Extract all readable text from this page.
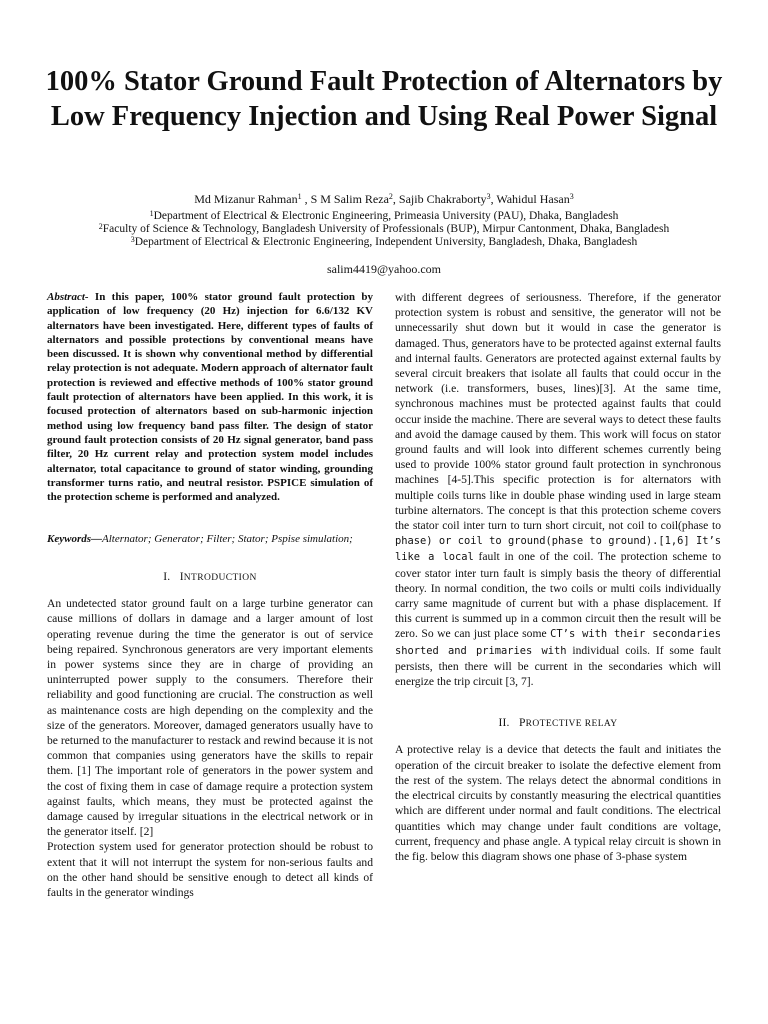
100% Stator Ground Fault Protection of Alternators by Low Frequency Injection and Using Real Power Signal
Md Mizanur Rahman$^1$ , S M Salim Reza$^2$, Sajib Chakraborty$^3$, Wahidul Hasan$^3$
$^1$Department of Electrical & Electronic Engineering, Primeasia University (PAU), Dhaka, Bangladesh
$^2$Faculty of Science & Technology, Bangladesh University of Professionals (BUP), Mirpur Cantonment, Dhaka, Bangladesh
$^3$Department of Electrical & Electronic Engineering, Independent University, Bangladesh, Dhaka, Bangladesh
salim4419@yahoo.com
Abstract- In this paper, 100% stator ground fault protection by application of low frequency (20 Hz) injection for 6.6/132 KV alternators have been investigated. Here, different types of faults of alternators and possible protections by conventional means have been discussed. It is shown why conventional method by differential relay protection is not adequate. Modern approach of alternator fault protection is reviewed and effective methods of 100% stator ground fault protection of alternators have been applied. In this work, it is focused protection of alternators based on sub-harmonic injection method using low frequency band pass filter. The design of stator ground fault protection consists of 20 Hz signal generator, band pass filter, 20 Hz current relay and protection system model includes alternator, total capacitance to ground of stator winding, grounding transformer turns ratio, and neutral resistor. PSPICE simulation of the protection scheme is performed and analyzed.
Keywords—Alternator; Generator; Filter; Stator; Pspise simulation;
I. INTRODUCTION

An undetected stator ground fault on a large turbine generator can cause millions of dollars in damage and a larger amount of lost operating revenue during the time the generator is out of service being repaired. Synchronous generators are very important elements in power systems since they are in charge of providing an uninterrupted power supply to the consumers. Therefore their reliability and good functioning are crucial. The construction as well as maintenance costs are high depending on the complexity and the size of the generators. Moreover, damaged generators usually have to be returned to the manufacturer to restack and rewind because it is not common that companies using generators have the skills to repair them. [1] The important role of generators in the power system and the cost of fixing them in case of damage require a protection system against faults, which means, they must be protected against the damage caused by irregular situations in the electrical network or in the generator itself. [2]

Protection system used for generator protection should be robust to extent that it will not interrupt the system for non-serious faults and on the other hand should be sensitive enough to detect all kinds of faults in the generator windings

with different degrees of seriousness. Therefore, if the generator protection system is robust and sensitive, the generator will not be unnecessarily shut down but it would in case the generator is damaged. Thus, generators have to be protected against external faults and internal faults. Generators are protected against external faults by several circuit breakers that isolate all faults that could occur in the network (i.e. transformers, buses, lines)[3]. At the same time, synchronous machines must be protected against faults that could occur inside the machine. There are several ways to detect these faults and avoid the damage caused by them. This work will focus on stator ground faults and will look into different schemes currently being used to provide 100% stator ground fault protection in synchronous machines [4-5].This specific protection is for alternators with multiple coils turns like in double phase winding used in large steam turbine alternators. The concept is that this protection scheme covers the stator coil inter turn to turn short circuit, not coil to coil(phase to phase) or coil to ground(phase to ground).[1,6] It’s like a local fault in one of the coil. The protection scheme to cover stator inter turn fault is simply basis the theory of differential theory. In normal condition, the two coils or multi coils individually carry same magnitude of current but with a phase displacement. If this current is summed up in a common circuit then the result will be zero. So we can just place some CT’s with their secondaries shorted and primaries with individual coils. If some fault persists, then there will be current in the secondaries which will energize the trip circuit [3, 7].

II. PROTECTIVE RELAY

A protective relay is a device that detects the fault and initiates the operation of the circuit breaker to isolate the defective element from the rest of the system. The relays detect the abnormal conditions in the electrical circuits by constantly measuring the electrical quantities which are different under normal and fault conditions. The electrical quantities which may change under fault conditions are voltage, current, frequency and phase angle. A typical relay circuit is shown in the fig. below this diagram shows one phase of 3-phase system
